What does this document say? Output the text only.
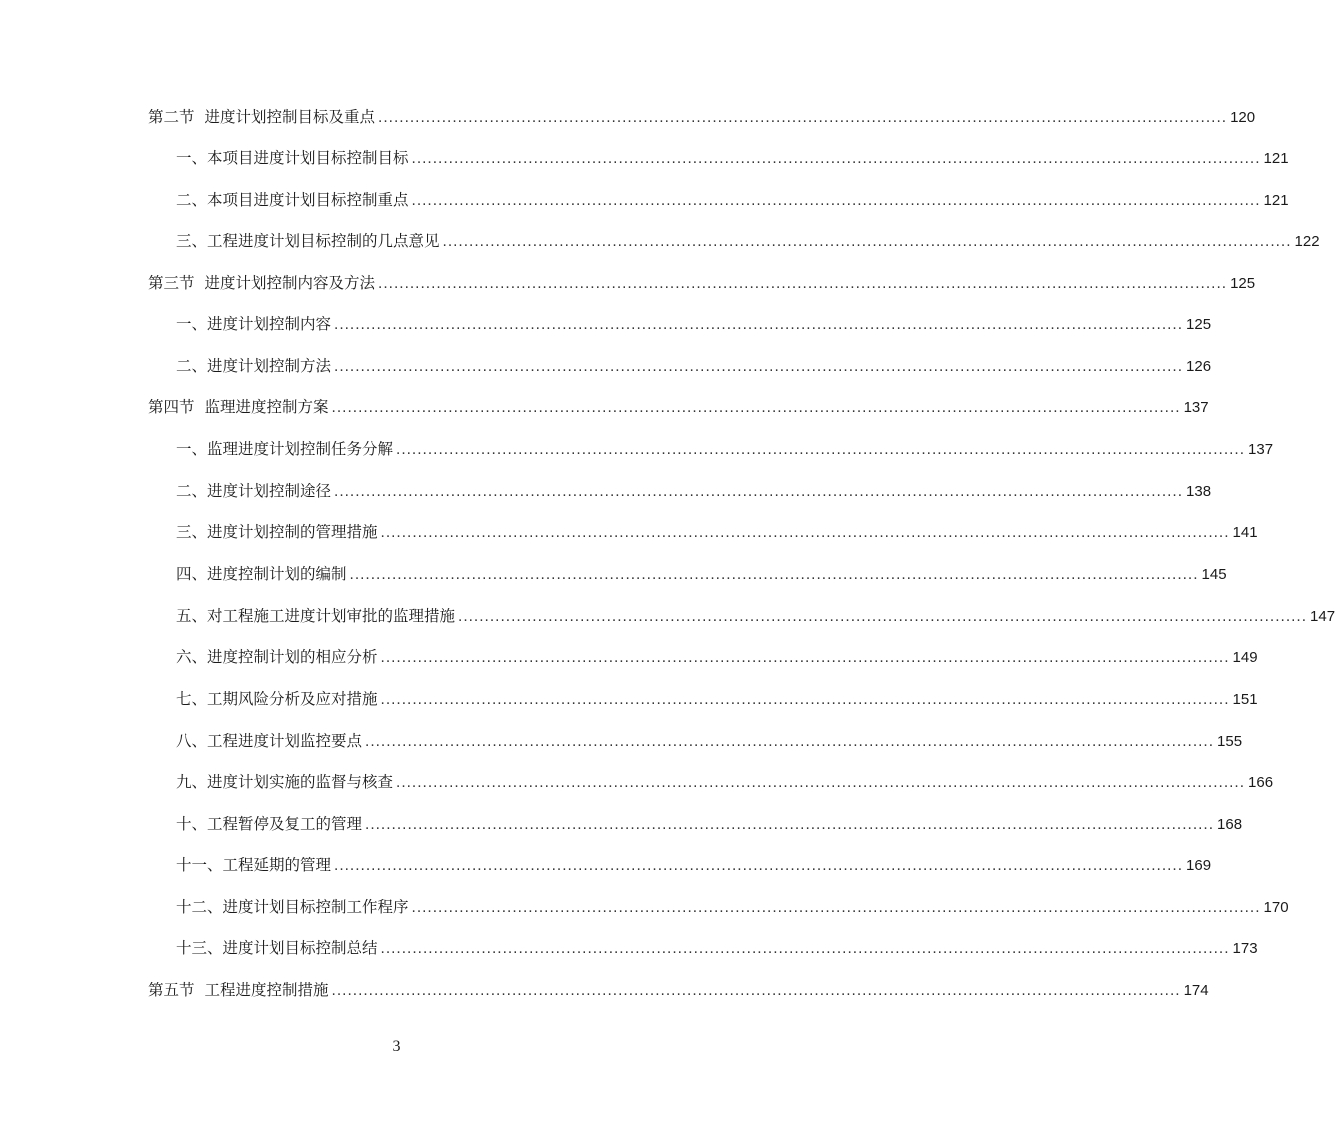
第二节 进度计划控制目标及重点 ................................................................................................................................................................ 120
一、本项目进度计划目标控制目标 ................................................................................................................................................................ 121
二、本项目进度计划目标控制重点 ................................................................................................................................................................ 121
三、工程进度计划目标控制的几点意见 ................................................................................................................................................................ 122
第三节 进度计划控制内容及方法 ................................................................................................................................................................ 125
一、进度计划控制内容 ................................................................................................................................................................ 125
二、进度计划控制方法 ................................................................................................................................................................ 126
第四节 监理进度控制方案 ................................................................................................................................................................ 137
一、监理进度计划控制任务分解 ................................................................................................................................................................ 137
二、进度计划控制途径 ................................................................................................................................................................ 138
三、进度计划控制的管理措施 ................................................................................................................................................................ 141
四、进度控制计划的编制 ................................................................................................................................................................ 145
五、对工程施工进度计划审批的监理措施 ................................................................................................................................................................ 147
六、进度控制计划的相应分析 ................................................................................................................................................................ 149
七、工期风险分析及应对措施 ................................................................................................................................................................ 151
八、工程进度计划监控要点 ................................................................................................................................................................ 155
九、进度计划实施的监督与核查 ................................................................................................................................................................ 166
十、工程暂停及复工的管理 ................................................................................................................................................................ 168
十一、工程延期的管理 ................................................................................................................................................................ 169
十二、进度计划目标控制工作程序 ................................................................................................................................................................ 170
十三、进度计划目标控制总结 ................................................................................................................................................................ 173
第五节 工程进度控制措施 ................................................................................................................................................................ 174
3
